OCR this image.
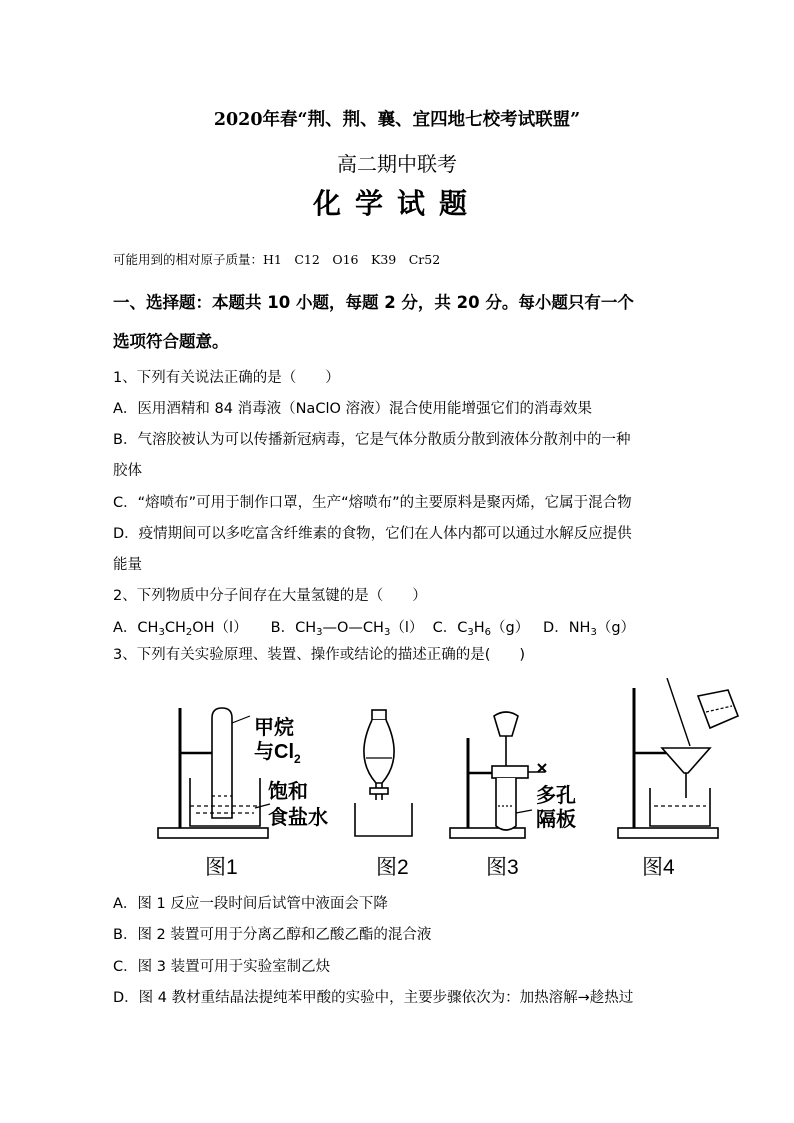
2020年春“荆、荆、襄、宜四地七校考试联盟”
高二期中联考
化学试题
可能用到的相对原子质量：H1　C12　O16　K39　Cr52
一、选择题：本题共 10 小题，每题 2 分，共 20 分。每小题只有一个
选项符合题意。
1、下列有关说法正确的是（　　）
A．医用酒精和 84 消毒液（NaClO 溶液）混合使用能增强它们的消毒效果
B．气溶胶被认为可以传播新冠病毒，它是气体分散质分散到液体分散剂中的一种
胶体
C．“熔喷布”可用于制作口罩，生产“熔喷布”的主要原料是聚丙烯，它属于混合物
D．疫情期间可以多吃富含纤维素的食物，它们在人体内都可以通过水解反应提供
能量
2、下列物质中分子间存在大量氢键的是（　　）
A．$CH_3CH_2OH(l)$ B．$CH_3—O—CH_3(l)$ C．$C_3H_6(g)$ D．$NH_3(g)$
3、下列有关实验原理、装置、操作或结论的描述正确的是(　　)
甲烷
与$Cl_2$
饱和
食盐水
多孔
隔板
图1	图2	图3	图4
A．图 1 反应一段时间后试管中液面会下降
B．图 2 装置可用于分离乙醇和乙酸乙酯的混合液
C．图 3 装置可用于实验室制乙炔
D．图 4 教材重结晶法提纯苯甲酸的实验中，主要步骤依次为：加热溶解→趁热过
